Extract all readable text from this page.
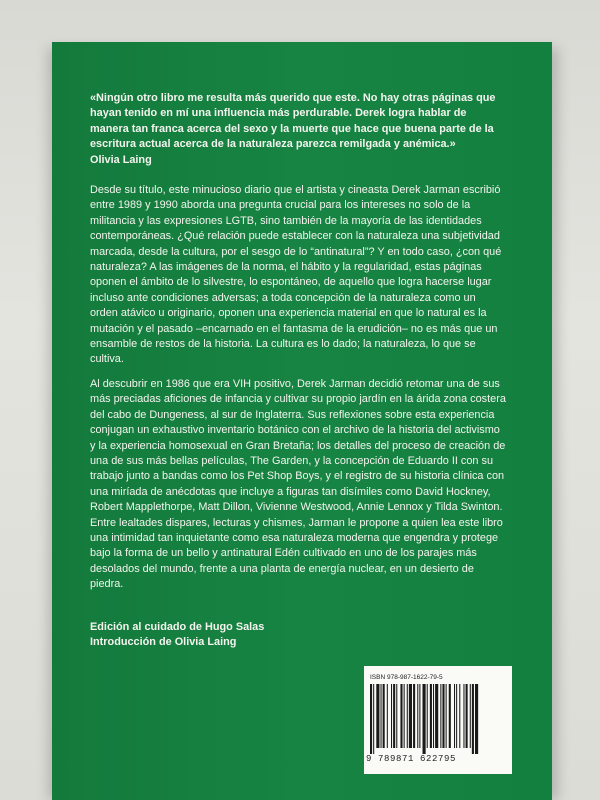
«Ningún otro libro me resulta más querido que este. No hay otras páginas que hayan tenido en mí una influencia más perdurable. Derek logra hablar de manera tan franca acerca del sexo y la muerte que hace que buena parte de la escritura actual acerca de la naturaleza parezca remilgada y anémica.»
Olivia Laing

Desde su título, este minucioso diario que el artista y cineasta Derek Jarman escribió entre 1989 y 1990 aborda una pregunta crucial para los intereses no solo de la militancia y las expresiones LGTB, sino también de la mayoría de las identidades contemporáneas. ¿Qué relación puede establecer con la naturaleza una subjetividad marcada, desde la cultura, por el sesgo de lo “antinatural”? Y en todo caso, ¿con qué naturaleza? A las imágenes de la norma, el hábito y la regularidad, estas páginas oponen el ámbito de lo silvestre, lo espontáneo, de aquello que logra hacerse lugar incluso ante condiciones adversas; a toda concepción de la naturaleza como un orden atávico u originario, oponen una experiencia material en que lo natural es la mutación y el pasado –encarnado en el fantasma de la erudición– no es más que un ensamble de restos de la historia. La cultura es lo dado; la naturaleza, lo que se cultiva.

Al descubrir en 1986 que era VIH positivo, Derek Jarman decidió retomar una de sus más preciadas aficiones de infancia y cultivar su propio jardín en la árida zona costera del cabo de Dungeness, al sur de Inglaterra. Sus reflexiones sobre esta experiencia conjugan un exhaustivo inventario botánico con el archivo de la historia del activismo y la experiencia homosexual en Gran Bretaña; los detalles del proceso de creación de una de sus más bellas películas, The Garden, y la concepción de Eduardo II con su trabajo junto a bandas como los Pet Shop Boys, y el registro de su historia clínica con una miríada de anécdotas que incluye a figuras tan disímiles como David Hockney, Robert Mapplethorpe, Matt Dillon, Vivienne Westwood, Annie Lennox y Tilda Swinton. Entre lealtades dispares, lecturas y chismes, Jarman le propone a quien lea este libro una intimidad tan inquietante como esa naturaleza moderna que engendra y protege bajo la forma de un bello y antinatural Edén cultivado en uno de los parajes más desolados del mundo, frente a una planta de energía nuclear, en un desierto de piedra.

Edición al cuidado de Hugo Salas
Introducción de Olivia Laing
ISBN 978-987-1622-79-5
9 789871 622795
